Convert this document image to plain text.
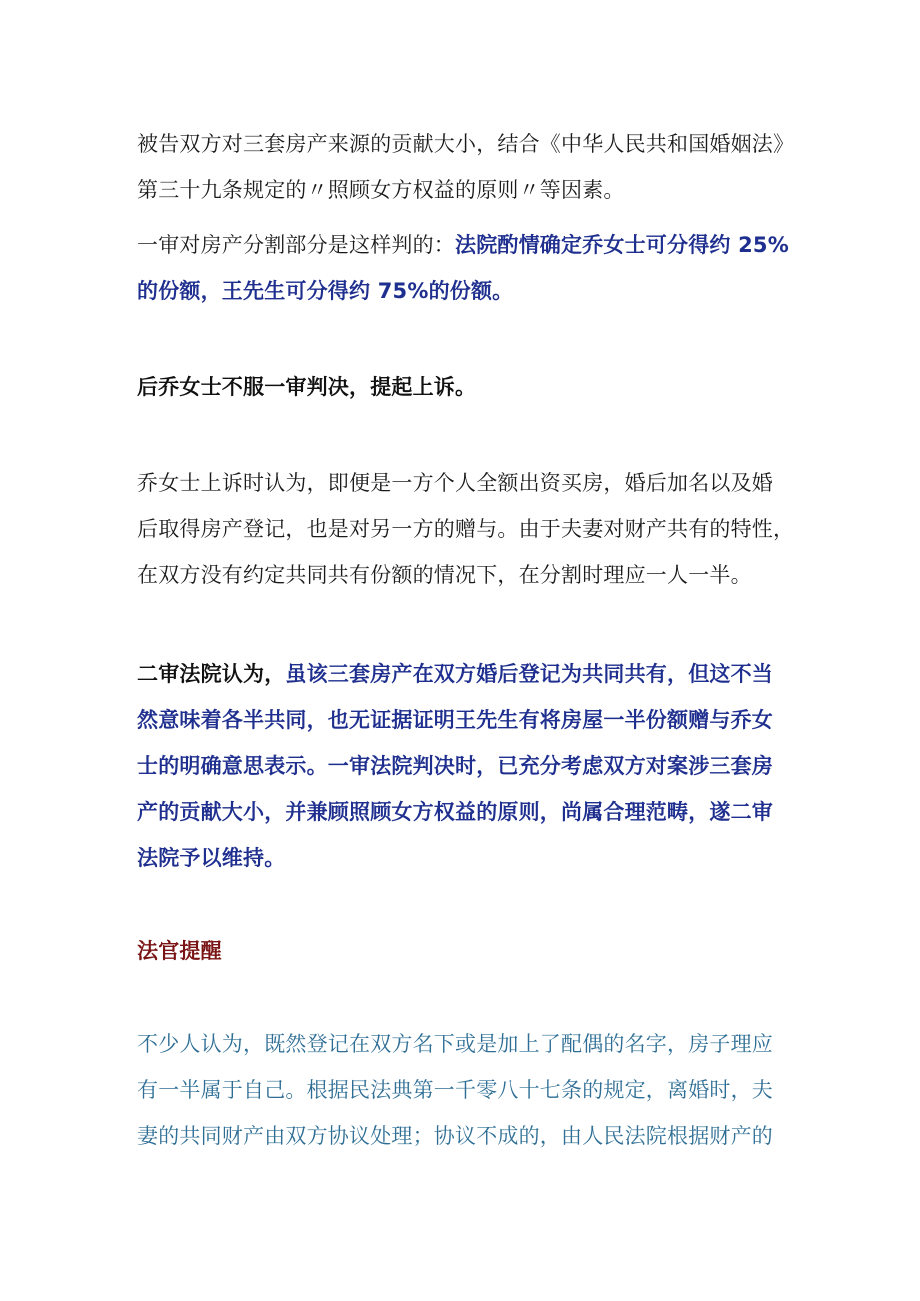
被告双方对三套房产来源的贡献大小，结合《中华人民共和国婚姻法》
第三十九条规定的〃照顾女方权益的原则〃等因素。

一审对房产分割部分是这样判的：法院酌情确定乔女士可分得约 25%
的份额，王先生可分得约 75%的份额。

后乔女士不服一审判决，提起上诉。

乔女士上诉时认为，即便是一方个人全额出资买房，婚后加名以及婚
后取得房产登记，也是对另一方的赠与。由于夫妻对财产共有的特性，
在双方没有约定共同共有份额的情况下，在分割时理应一人一半。

二审法院认为，虽该三套房产在双方婚后登记为共同共有，但这不当
然意味着各半共同，也无证据证明王先生有将房屋一半份额赠与乔女
士的明确意思表示。一审法院判决时，已充分考虑双方对案涉三套房
产的贡献大小，并兼顾照顾女方权益的原则，尚属合理范畴，遂二审
法院予以维持。

法官提醒

不少人认为，既然登记在双方名下或是加上了配偶的名字，房子理应
有一半属于自己。根据民法典第一千零八十七条的规定，离婚时，夫
妻的共同财产由双方协议处理；协议不成的，由人民法院根据财产的
